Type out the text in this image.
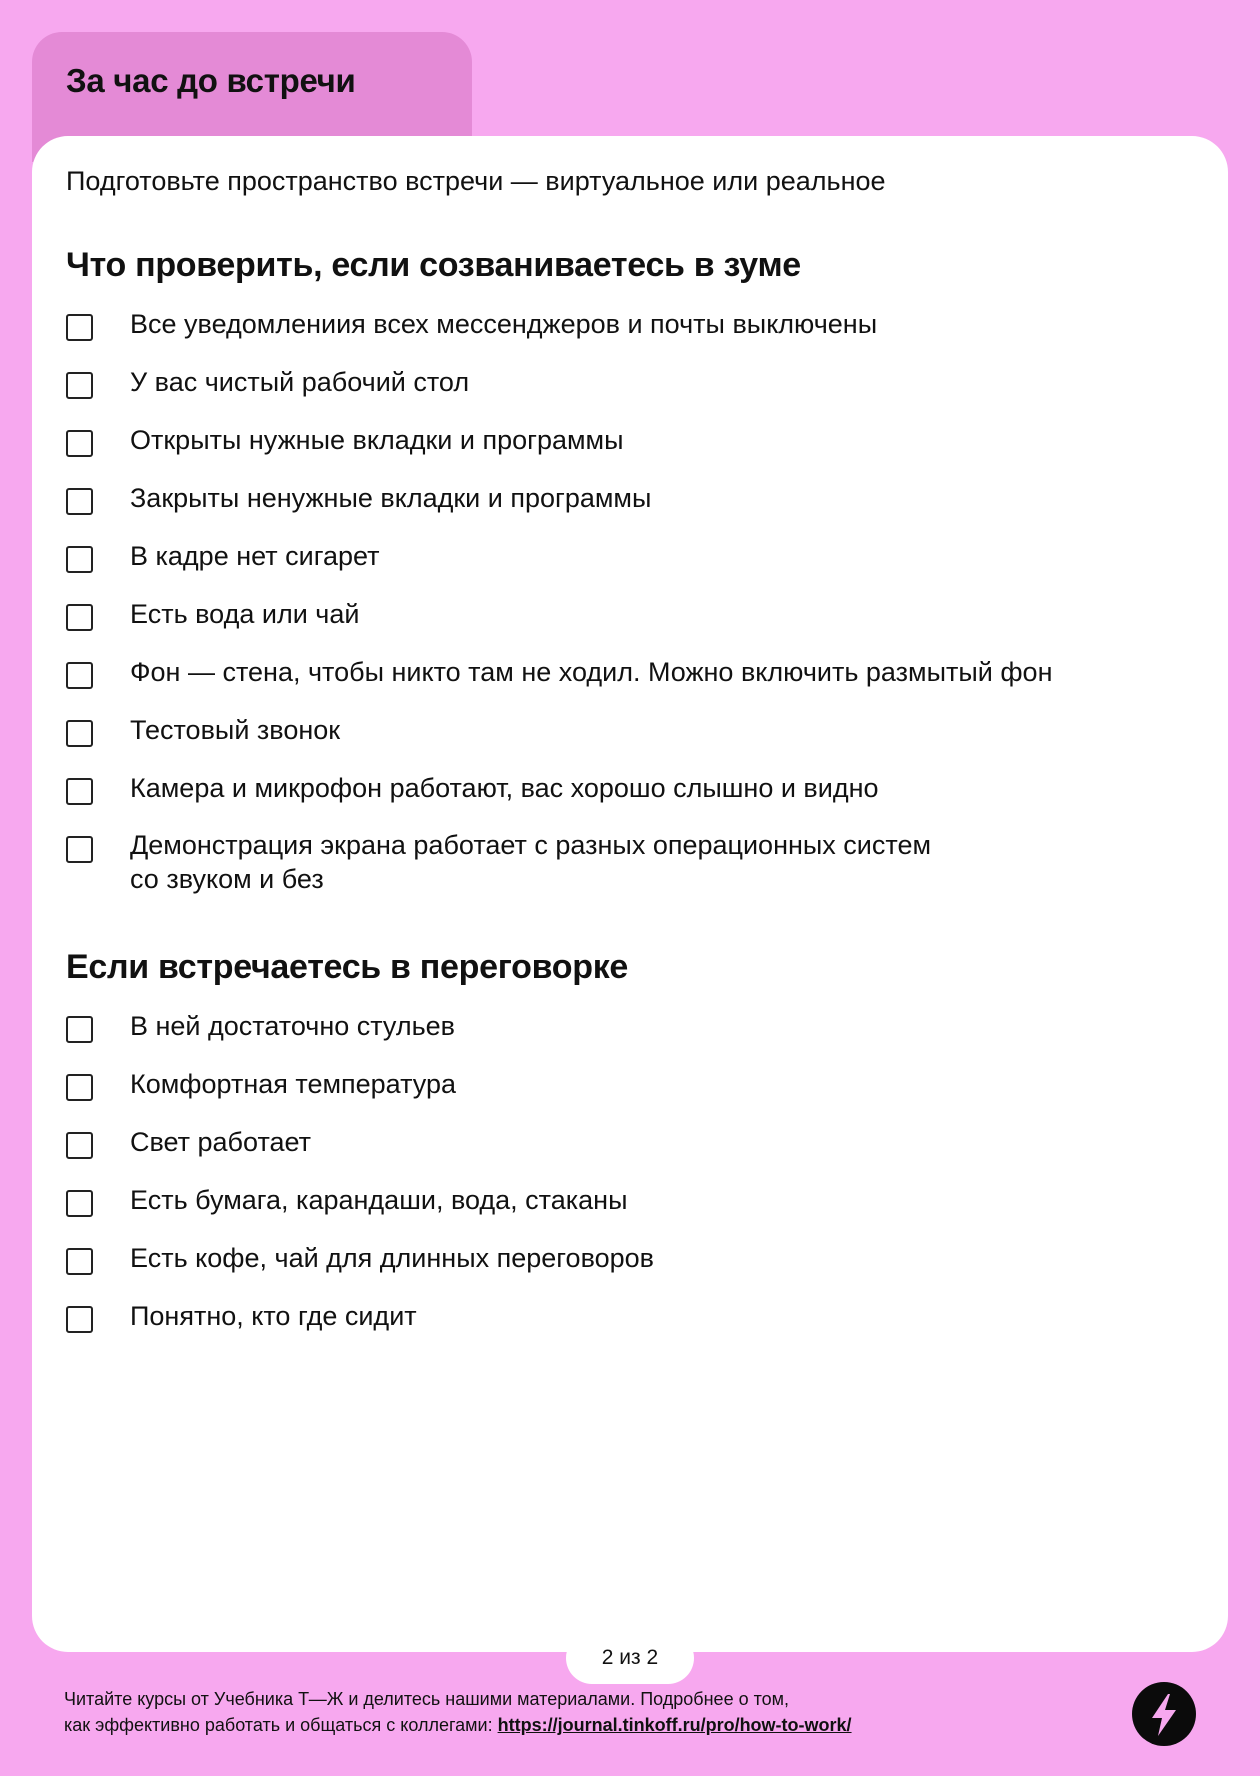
За час до встречи
Подготовьте пространство встречи — виртуальное или реальное
Что проверить, если созваниваетесь в зуме
Все уведомлениия всех мессенджеров и почты выключены
У вас чистый рабочий стол
Открыты нужные вкладки и программы
Закрыты ненужные вкладки и программы
В кадре нет сигарет
Есть вода или чай
Фон — стена, чтобы никто там не ходил. Можно включить размытый фон
Тестовый звонок
Камера и микрофон работают, вас хорошо слышно и видно
Демонстрация экрана работает с разных операционных систем со звуком и без
Если встречаетесь в переговорке
В ней достаточно стульев
Комфортная температура
Свет работает
Есть бумага, карандаши, вода, стаканы
Есть кофе, чай для длинных переговоров
Понятно, кто где сидит
2 из 2
Читайте курсы от Учебника Т—Ж и делитесь нашими материалами. Подробнее о том,
как эффективно работать и общаться с коллегами: https://journal.tinkoff.ru/pro/how-to-work/
